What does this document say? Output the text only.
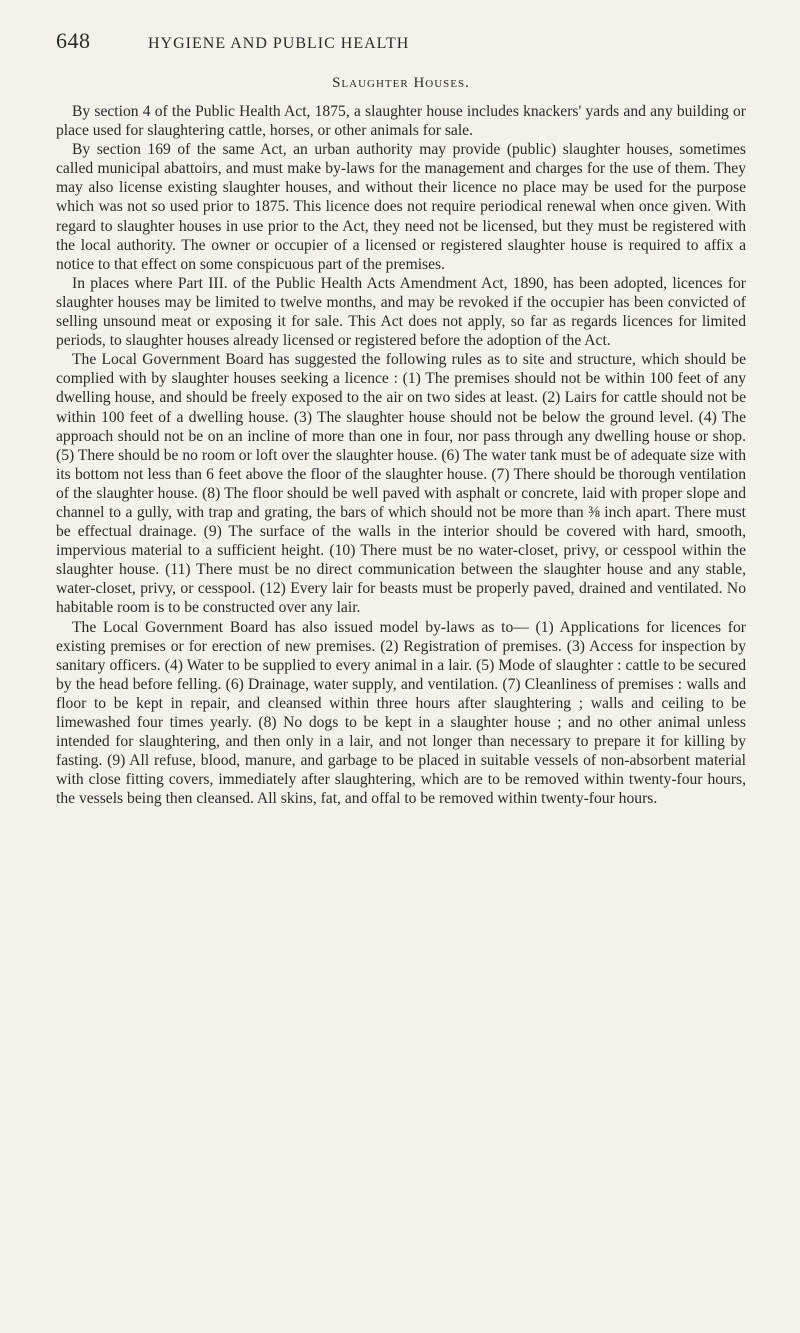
648	HYGIENE AND PUBLIC HEALTH
Slaughter Houses.

By section 4 of the Public Health Act, 1875, a slaughter house includes knackers' yards and any building or place used for slaughtering cattle, horses, or other animals for sale.

By section 169 of the same Act, an urban authority may provide (public) slaughter houses, sometimes called municipal abattoirs, and must make by-laws for the management and charges for the use of them. They may also license existing slaughter houses, and without their licence no place may be used for the purpose which was not so used prior to 1875. This licence does not require periodical renewal when once given. With regard to slaughter houses in use prior to the Act, they need not be licensed, but they must be registered with the local authority. The owner or occupier of a licensed or registered slaughter house is required to affix a notice to that effect on some conspicuous part of the premises.

In places where Part III. of the Public Health Acts Amendment Act, 1890, has been adopted, licences for slaughter houses may be limited to twelve months, and may be revoked if the occupier has been convicted of selling unsound meat or exposing it for sale. This Act does not apply, so far as regards licences for limited periods, to slaughter houses already licensed or registered before the adoption of the Act.

The Local Government Board has suggested the following rules as to site and structure, which should be complied with by slaughter houses seeking a licence : (1) The premises should not be within 100 feet of any dwelling house, and should be freely exposed to the air on two sides at least. (2) Lairs for cattle should not be within 100 feet of a dwelling house. (3) The slaughter house should not be below the ground level. (4) The approach should not be on an incline of more than one in four, nor pass through any dwelling house or shop. (5) There should be no room or loft over the slaughter house. (6) The water tank must be of adequate size with its bottom not less than 6 feet above the floor of the slaughter house. (7) There should be thorough ventilation of the slaughter house. (8) The floor should be well paved with asphalt or concrete, laid with proper slope and channel to a gully, with trap and grating, the bars of which should not be more than ⅜ inch apart. There must be effectual drainage. (9) The surface of the walls in the interior should be covered with hard, smooth, impervious material to a sufficient height. (10) There must be no water-closet, privy, or cesspool within the slaughter house. (11) There must be no direct communication between the slaughter house and any stable, water-closet, privy, or cesspool. (12) Every lair for beasts must be properly paved, drained and ventilated. No habitable room is to be constructed over any lair.

The Local Government Board has also issued model by-laws as to— (1) Applications for licences for existing premises or for erection of new premises. (2) Registration of premises. (3) Access for inspection by sanitary officers. (4) Water to be supplied to every animal in a lair. (5) Mode of slaughter : cattle to be secured by the head before felling. (6) Drainage, water supply, and ventilation. (7) Cleanliness of premises : walls and floor to be kept in repair, and cleansed within three hours after slaughtering ; walls and ceiling to be limewashed four times yearly. (8) No dogs to be kept in a slaughter house ; and no other animal unless intended for slaughtering, and then only in a lair, and not longer than necessary to prepare it for killing by fasting. (9) All refuse, blood, manure, and garbage to be placed in suitable vessels of non-absorbent material with close fitting covers, immediately after slaughtering, which are to be removed within twenty-four hours, the vessels being then cleansed. All skins, fat, and offal to be removed within twenty-four hours.
